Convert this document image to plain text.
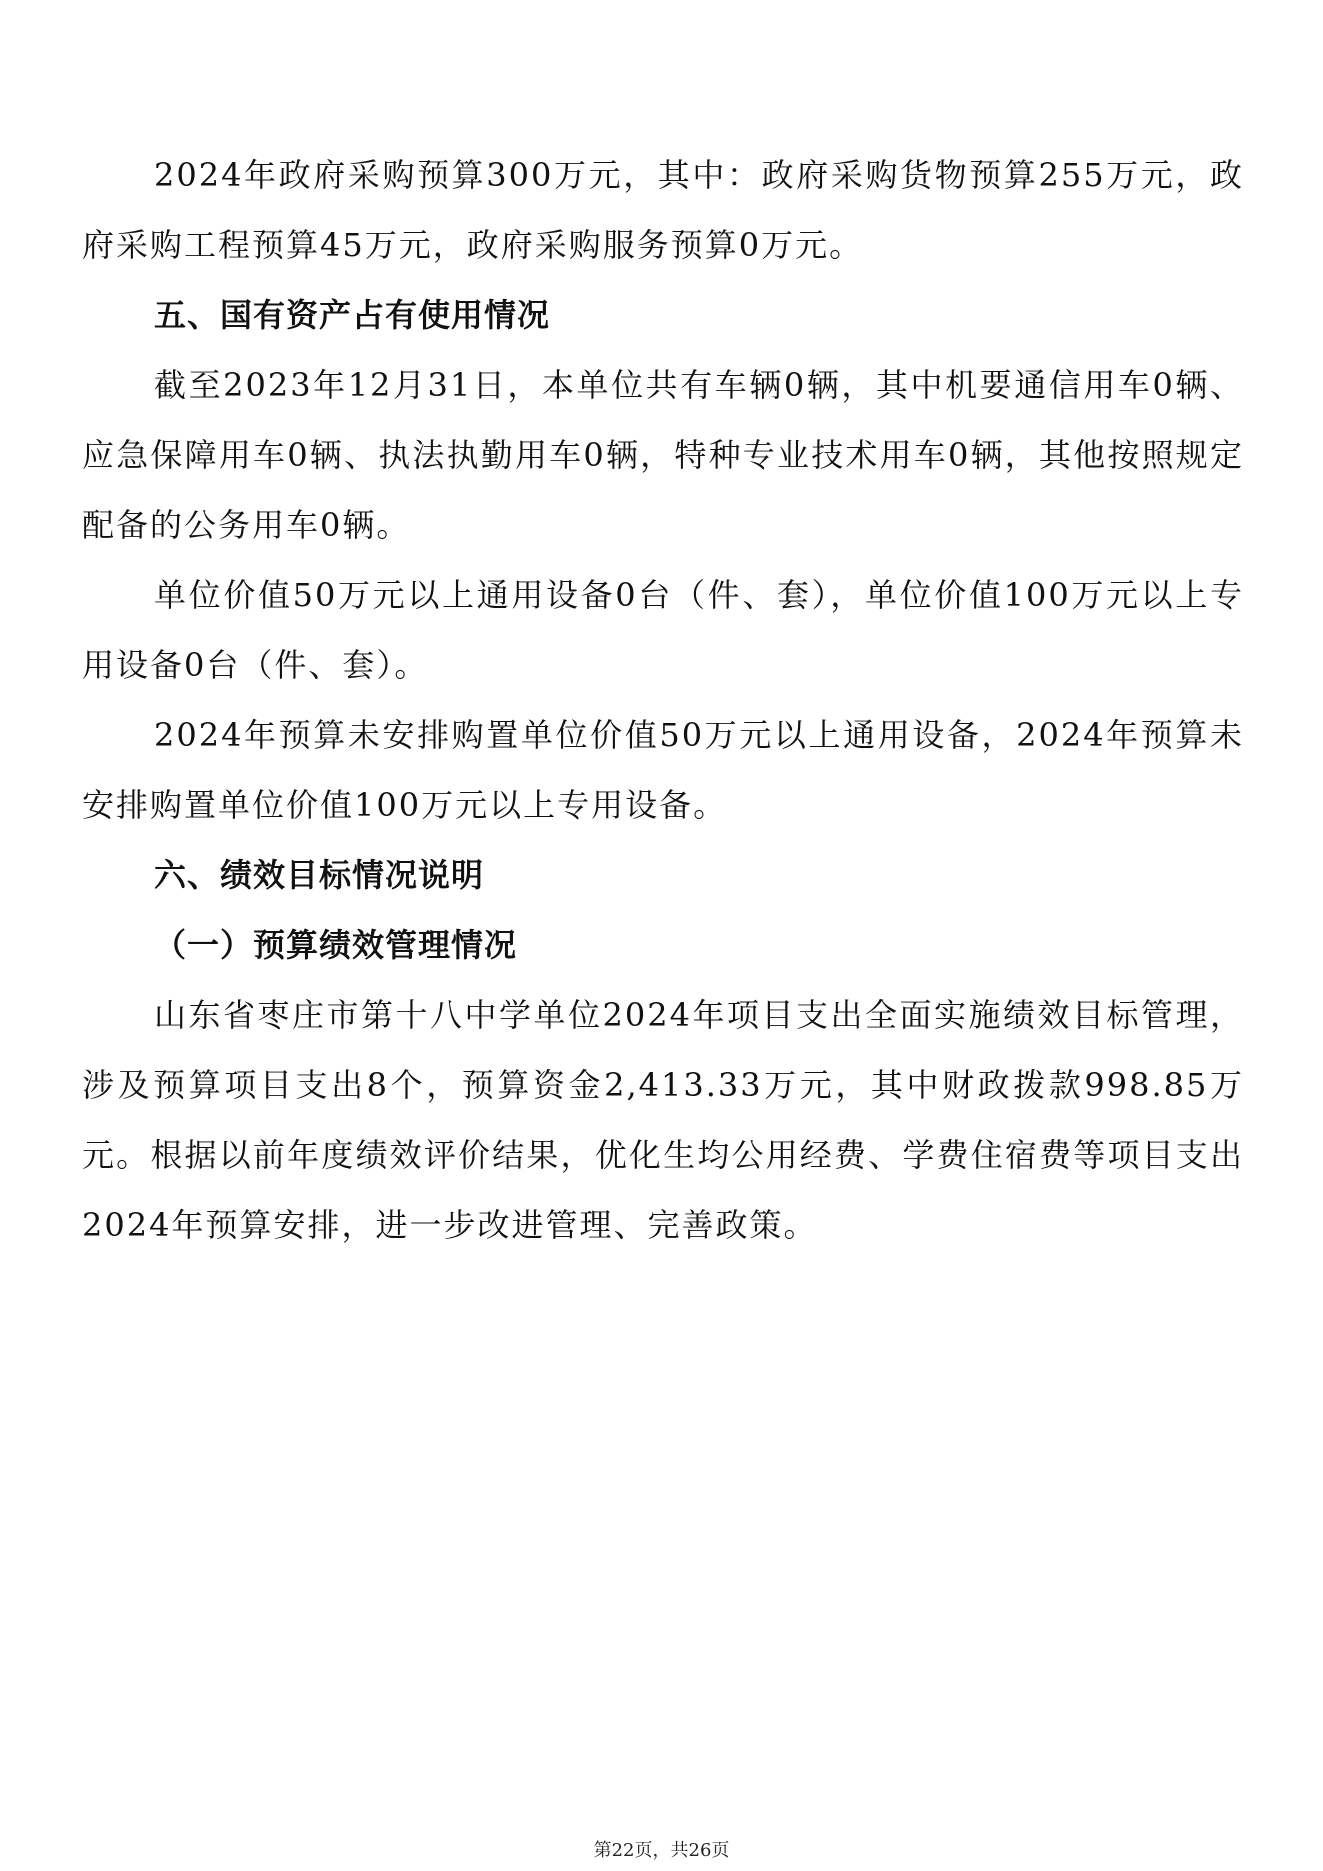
2024年政府采购预算300万元，其中：政府采购货物预算255万元，政府采购工程预算45万元，政府采购服务预算0万元。

五、国有资产占有使用情况

截至2023年12月31日，本单位共有车辆0辆，其中机要通信用车0辆、应急保障用车0辆、执法执勤用车0辆，特种专业技术用车0辆，其他按照规定配备的公务用车0辆。

单位价值50万元以上通用设备0台（件、套），单位价值100万元以上专用设备0台（件、套）。

2024年预算未安排购置单位价值50万元以上通用设备，2024年预算未安排购置单位价值100万元以上专用设备。

六、绩效目标情况说明

（一）预算绩效管理情况

山东省枣庄市第十八中学单位2024年项目支出全面实施绩效目标管理，涉及预算项目支出8个，预算资金2,413.33万元，其中财政拨款998.85万元。根据以前年度绩效评价结果，优化生均公用经费、学费住宿费等项目支出2024年预算安排，进一步改进管理、完善政策。

第22页，共26页
